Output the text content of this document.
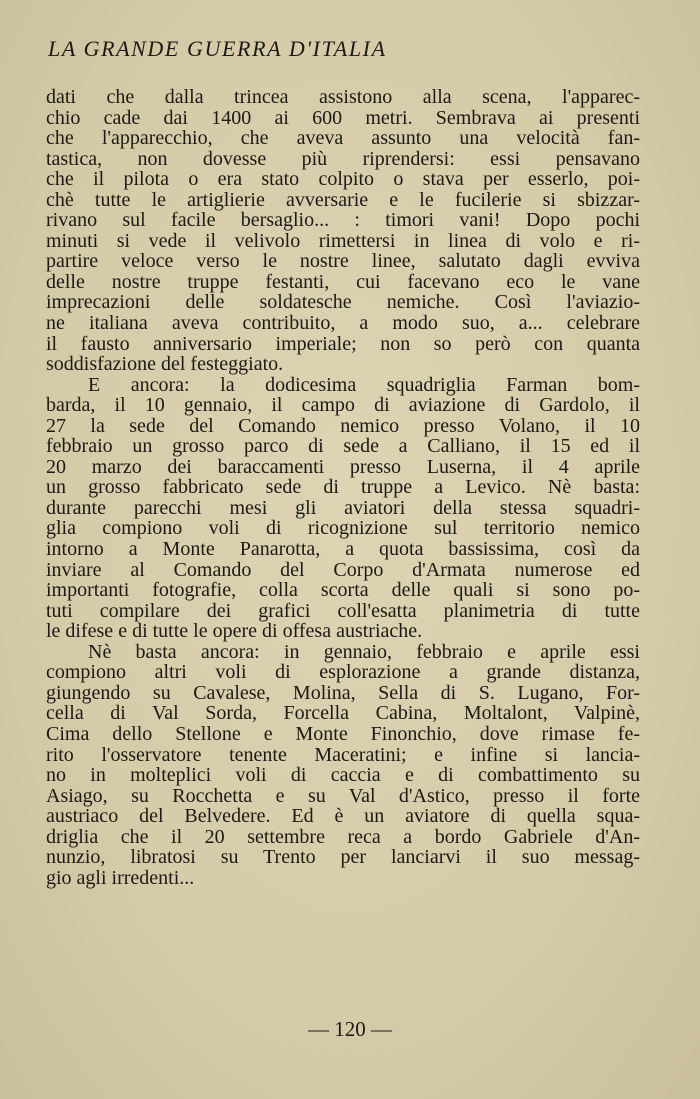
LA GRANDE GUERRA D'ITALIA
dati che dalla trincea assistono alla scena, l'apparec-
chio cade dai 1400 ai 600 metri. Sembrava ai presenti
che l'apparecchio, che aveva assunto una velocità fan-
tastica, non dovesse più riprendersi: essi pensavano
che il pilota o era stato colpito o stava per esserlo, poi-
chè tutte le artiglierie avversarie e le fucilerie si sbizzar-
rivano sul facile bersaglio... : timori vani! Dopo pochi
minuti si vede il velivolo rimettersi in linea di volo e ri-
partire veloce verso le nostre linee, salutato dagli evviva
delle nostre truppe festanti, cui facevano eco le vane
imprecazioni delle soldatesche nemiche. Così l'aviazio-
ne italiana aveva contribuito, a modo suo, a... celebrare
il fausto anniversario imperiale; non so però con quanta
soddisfazione del festeggiato.
E ancora: la dodicesima squadriglia Farman bom-
barda, il 10 gennaio, il campo di aviazione di Gardolo, il
27 la sede del Comando nemico presso Volano, il 10
febbraio un grosso parco di sede a Calliano, il 15 ed il
20 marzo dei baraccamenti presso Luserna, il 4 aprile
un grosso fabbricato sede di truppe a Levico. Nè basta:
durante parecchi mesi gli aviatori della stessa squadri-
glia compiono voli di ricognizione sul territorio nemico
intorno a Monte Panarotta, a quota bassissima, così da
inviare al Comando del Corpo d'Armata numerose ed
importanti fotografie, colla scorta delle quali si sono po-
tuti compilare dei grafici coll'esatta planimetria di tutte
le difese e di tutte le opere di offesa austriache.
Nè basta ancora: in gennaio, febbraio e aprile essi
compiono altri voli di esplorazione a grande distanza,
giungendo su Cavalese, Molina, Sella di S. Lugano, For-
cella di Val Sorda, Forcella Cabina, Moltalont, Valpinè,
Cima dello Stellone e Monte Finonchio, dove rimase fe-
rito l'osservatore tenente Maceratini; e infine si lancia-
no in molteplici voli di caccia e di combattimento su
Asiago, su Rocchetta e su Val d'Astico, presso il forte
austriaco del Belvedere. Ed è un aviatore di quella squa-
driglia che il 20 settembre reca a bordo Gabriele d'An-
nunzio, libratosi su Trento per lanciarvi il suo messag-
gio agli irredenti...
— 120 —
